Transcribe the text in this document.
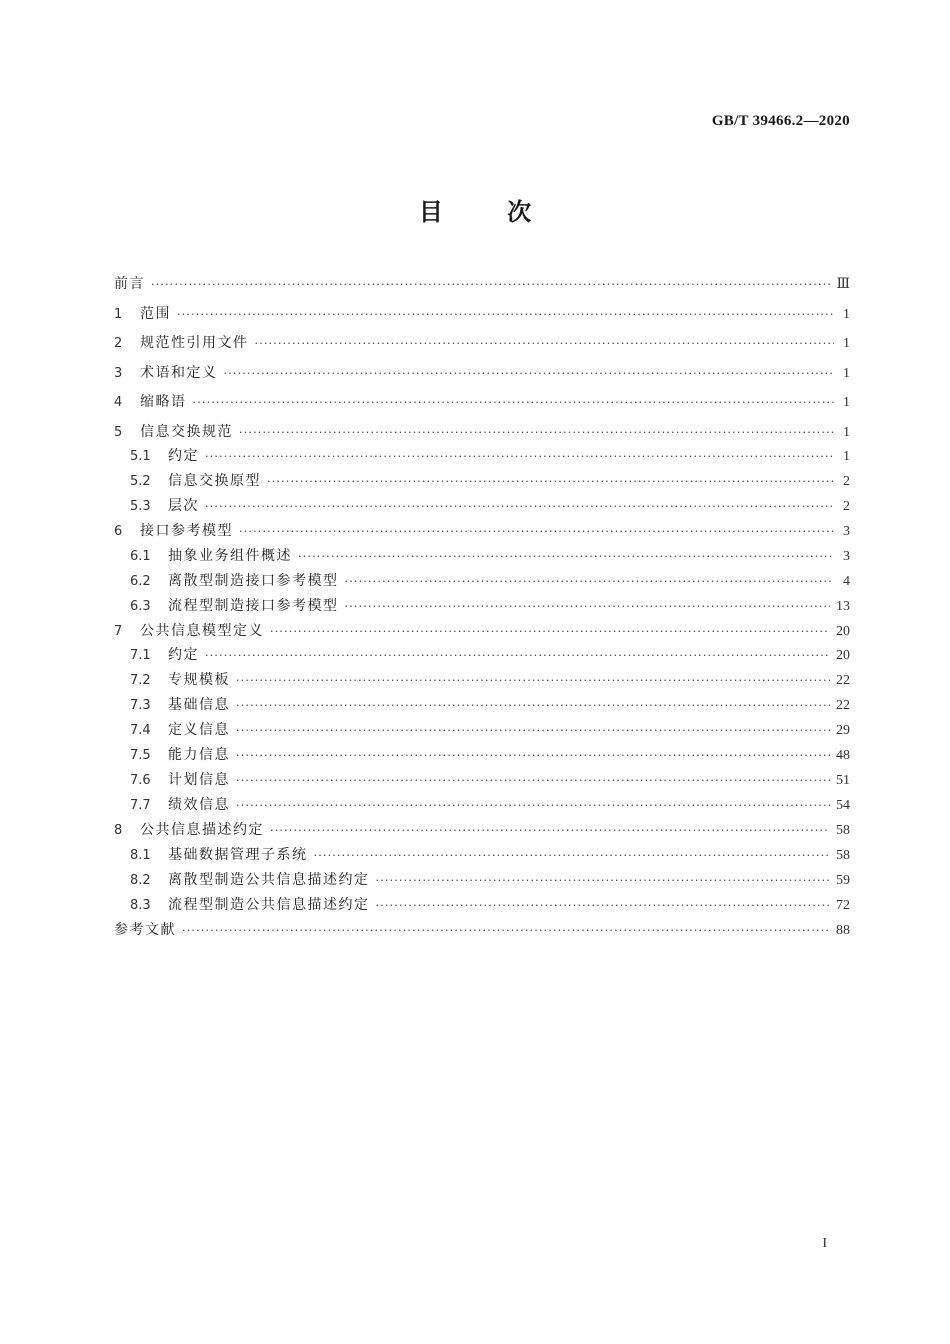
GB/T 39466.2—2020
目	次
前言 ·····	Ⅲ
1	范围 ·····	1
2	规范性引用文件 ·····	1
3	术语和定义 ·····	1
4	缩略语 ·····	1
5	信息交换规范 ·····	1
5.1	约定 ·····	1
5.2	信息交换原型 ·····	2
5.3	层次 ·····	2
6	接口参考模型 ·····	3
6.1	抽象业务组件概述 ·····	3
6.2	离散型制造接口参考模型 ·····	4
6.3	流程型制造接口参考模型 ·····	13
7	公共信息模型定义 ·····	20
7.1	约定 ·····	20
7.2	专规模板 ·····	22
7.3	基础信息 ·····	22
7.4	定义信息 ·····	29
7.5	能力信息 ·····	48
7.6	计划信息 ·····	51
7.7	绩效信息 ·····	54
8	公共信息描述约定 ·····	58
8.1	基础数据管理子系统 ·····	58
8.2	离散型制造公共信息描述约定 ·····	59
8.3	流程型制造公共信息描述约定 ·····	72
参考文献 ·····	88
I
